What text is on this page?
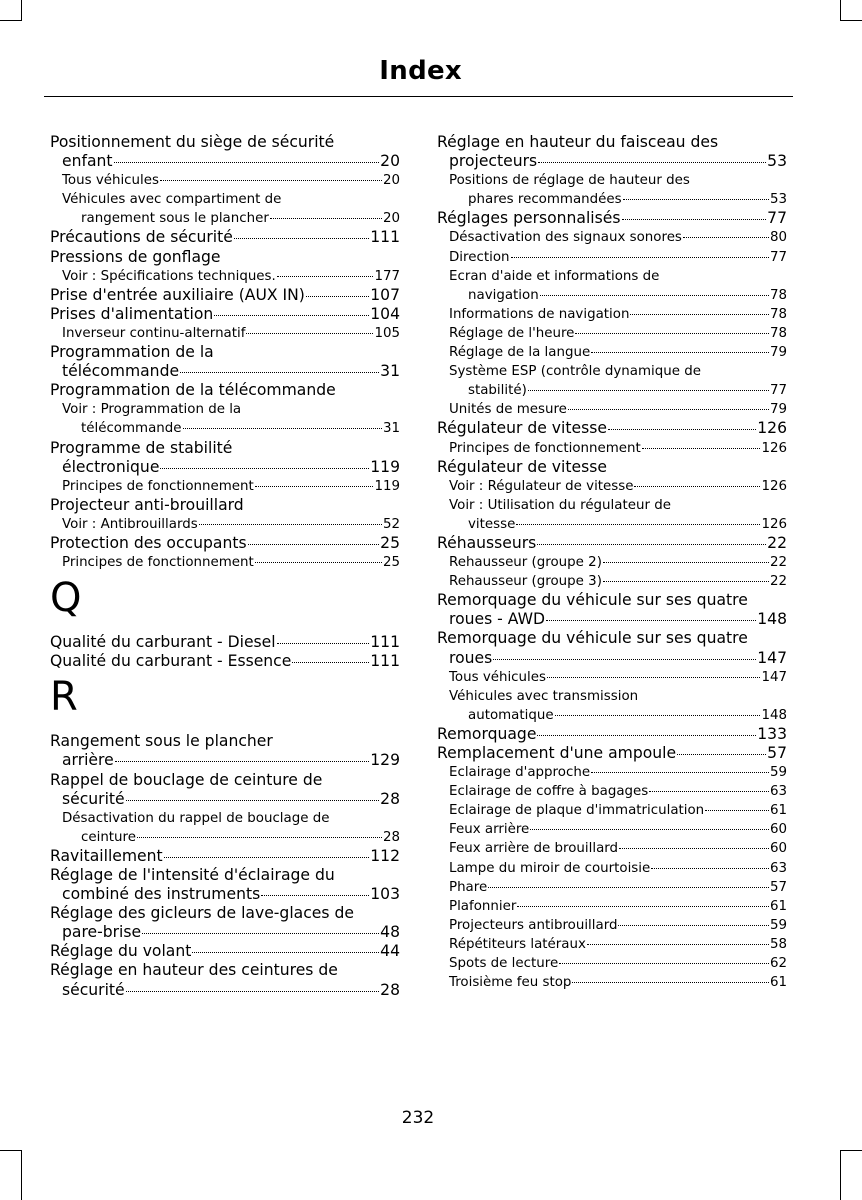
Index
Positionnement du siège de sécurité
enfant	20
Tous véhicules	20
Véhicules avec compartiment de
rangement sous le plancher	20
Précautions de sécurité	111
Pressions de gonflage
Voir : Spécifications techniques.	177
Prise d'entrée auxiliaire (AUX IN)	107
Prises d'alimentation	104
Inverseur continu-alternatif	105
Programmation de la
télécommande	31
Programmation de la télécommande
Voir : Programmation de la
télécommande	31
Programme de stabilité
électronique	119
Principes de fonctionnement	119
Projecteur anti-brouillard
Voir : Antibrouillards	52
Protection des occupants	25
Principes de fonctionnement	25
Q
Qualité du carburant - Diesel	111
Qualité du carburant - Essence	111
R
Rangement sous le plancher
arrière	129
Rappel de bouclage de ceinture de
sécurité	28
Désactivation du rappel de bouclage de
ceinture	28
Ravitaillement	112
Réglage de l'intensité d'éclairage du
combiné des instruments	103
Réglage des gicleurs de lave-glaces de
pare-brise	48
Réglage du volant	44
Réglage en hauteur des ceintures de
sécurité	28
Réglage en hauteur du faisceau des
projecteurs	53
Positions de réglage de hauteur des
phares recommandées	53
Réglages personnalisés	77
Désactivation des signaux sonores	80
Direction	77
Ecran d'aide et informations de
navigation	78
Informations de navigation	78
Réglage de l'heure	78
Réglage de la langue	79
Système ESP (contrôle dynamique de
stabilité)	77
Unités de mesure	79
Régulateur de vitesse	126
Principes de fonctionnement	126
Régulateur de vitesse
Voir : Régulateur de vitesse	126
Voir : Utilisation du régulateur de
vitesse	126
Réhausseurs	22
Rehausseur (groupe 2)	22
Rehausseur (groupe 3)	22
Remorquage du véhicule sur ses quatre
roues - AWD	148
Remorquage du véhicule sur ses quatre
roues	147
Tous véhicules	147
Véhicules avec transmission
automatique	148
Remorquage	133
Remplacement d'une ampoule	57
Eclairage d'approche	59
Eclairage de coffre à bagages	63
Eclairage de plaque d'immatriculation	61
Feux arrière	60
Feux arrière de brouillard	60
Lampe du miroir de courtoisie	63
Phare	57
Plafonnier	61
Projecteurs antibrouillard	59
Répétiteurs latéraux	58
Spots de lecture	62
Troisième feu stop	61
232
